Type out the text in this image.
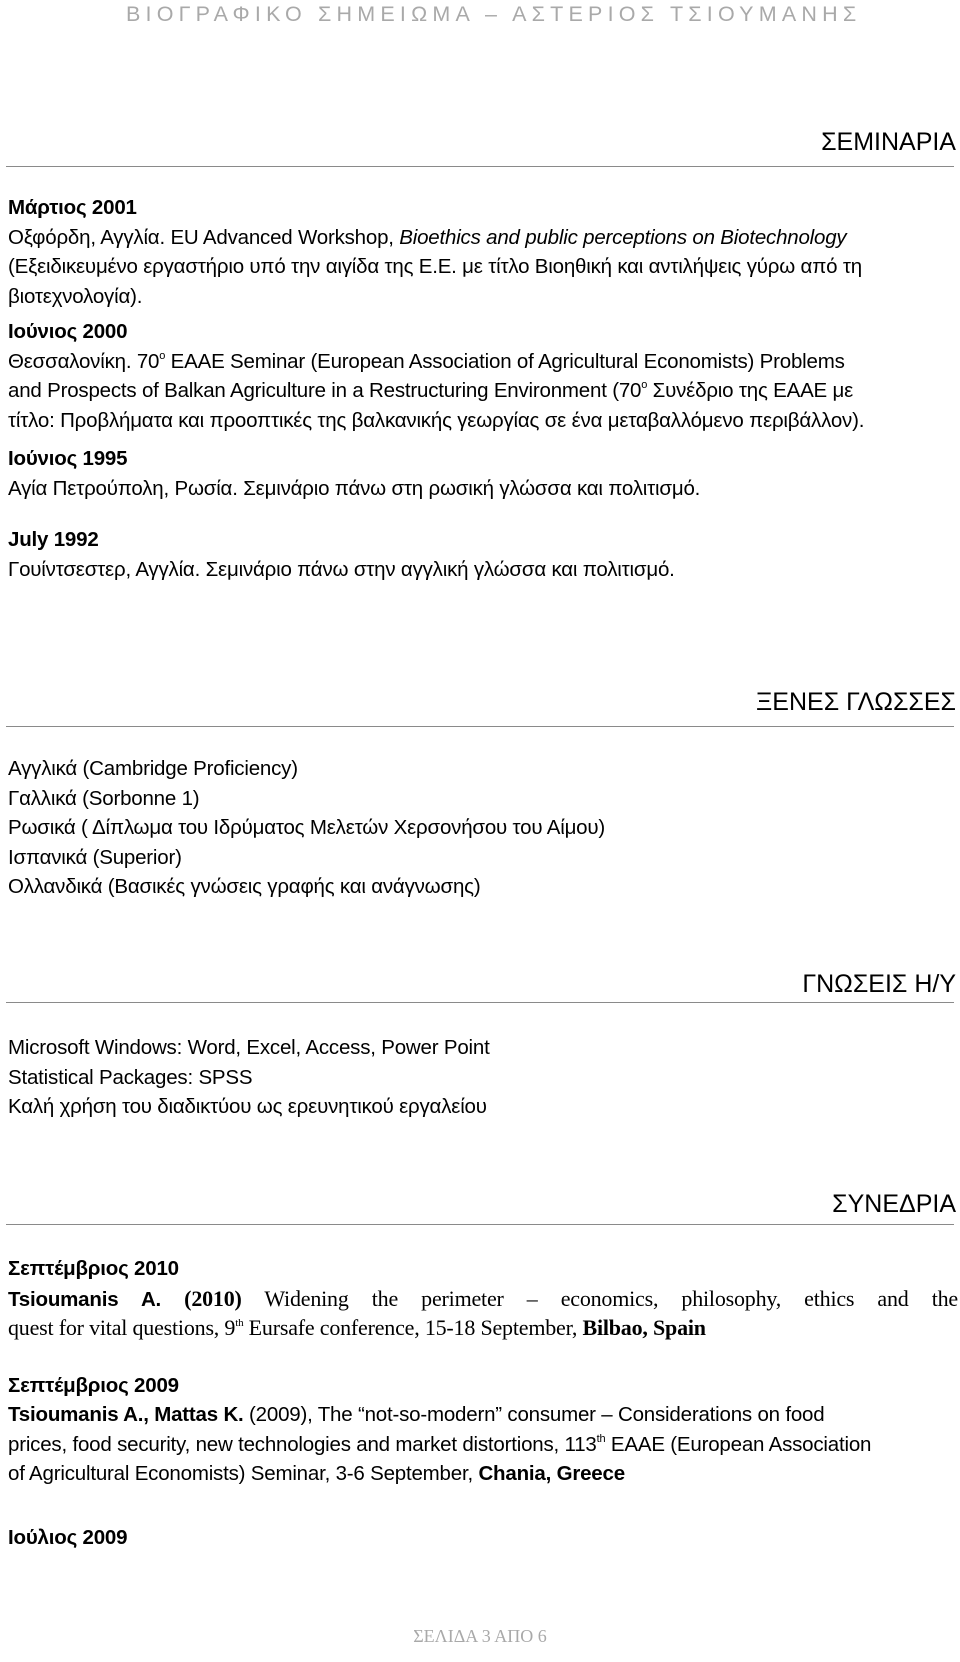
ΒΙΟΓΡΑΦΙΚΟ ΣΗΜΕΙΩΜΑ – ΑΣΤΕΡΙΟΣ ΤΣΙΟΥΜΑΝΗΣ
ΣΕΜΙΝΑΡΙΑ
Μάρτιος 2001
Οξφόρδη, Αγγλία. EU Advanced Workshop, Bioethics and public perceptions on Biotechnology
(Εξειδικευμένο εργαστήριο υπό την αιγίδα της Ε.Ε. με τίτλο Βιοηθική και αντιλήψεις γύρω από τη
βιοτεχνολογία).
Ιούνιος 2000
Θεσσαλονίκη. $70^o$ ΕΑΑΕ Seminar (European Association of Agricultural Economists) Problems
and Prospects of Balkan Agriculture in a Restructuring Environment ($70^o$ Συνέδριο της ΕΑΑΕ με
τίτλο: Προβλήματα και προοπτικές της βαλκανικής γεωργίας σε ένα μεταβαλλόμενο περιβάλλον).
Ιούνιος 1995
Αγία Πετρούπολη, Ρωσία. Σεμινάριο πάνω στη ρωσική γλώσσα και πολιτισμό.
July 1992
Γουίντσεστερ, Αγγλία. Σεμινάριο πάνω στην αγγλική γλώσσα και πολιτισμό.
ΞΕΝΕΣ ΓΛΩΣΣΕΣ
Αγγλικά (Cambridge Proficiency)
Γαλλικά (Sorbonne 1)
Ρωσικά ( Δίπλωμα του Ιδρύματος Μελετών Χερσονήσου του Αίμου)
Ισπανικά (Superior)
Ολλανδικά (Βασικές γνώσεις γραφής και ανάγνωσης)
ΓΝΩΣΕΙΣ Η/Υ
Microsoft Windows: Word, Excel, Access, Power Point
Statistical Packages: SPSS
Καλή χρήση του διαδικτύου ως ερευνητικού εργαλείου
ΣΥΝΕΔΡΙΑ
Σεπτέμβριος 2010
Tsioumanis A. (2010) Widening the perimeter – economics, philosophy, ethics and the
quest for vital questions, 9th Eursafe conference, 15-18 September, Bilbao, Spain
Σεπτέμβριος 2009
Tsioumanis A., Mattas K. (2009), The “not-so-modern” consumer – Considerations on food
prices, food security, new technologies and market distortions, 113th EAAE (European Association
of Agricultural Economists) Seminar, 3-6 September, Chania, Greece
Ιούλιος 2009
ΣΕΛΙΔΑ 3 ΑΠΟ 6
